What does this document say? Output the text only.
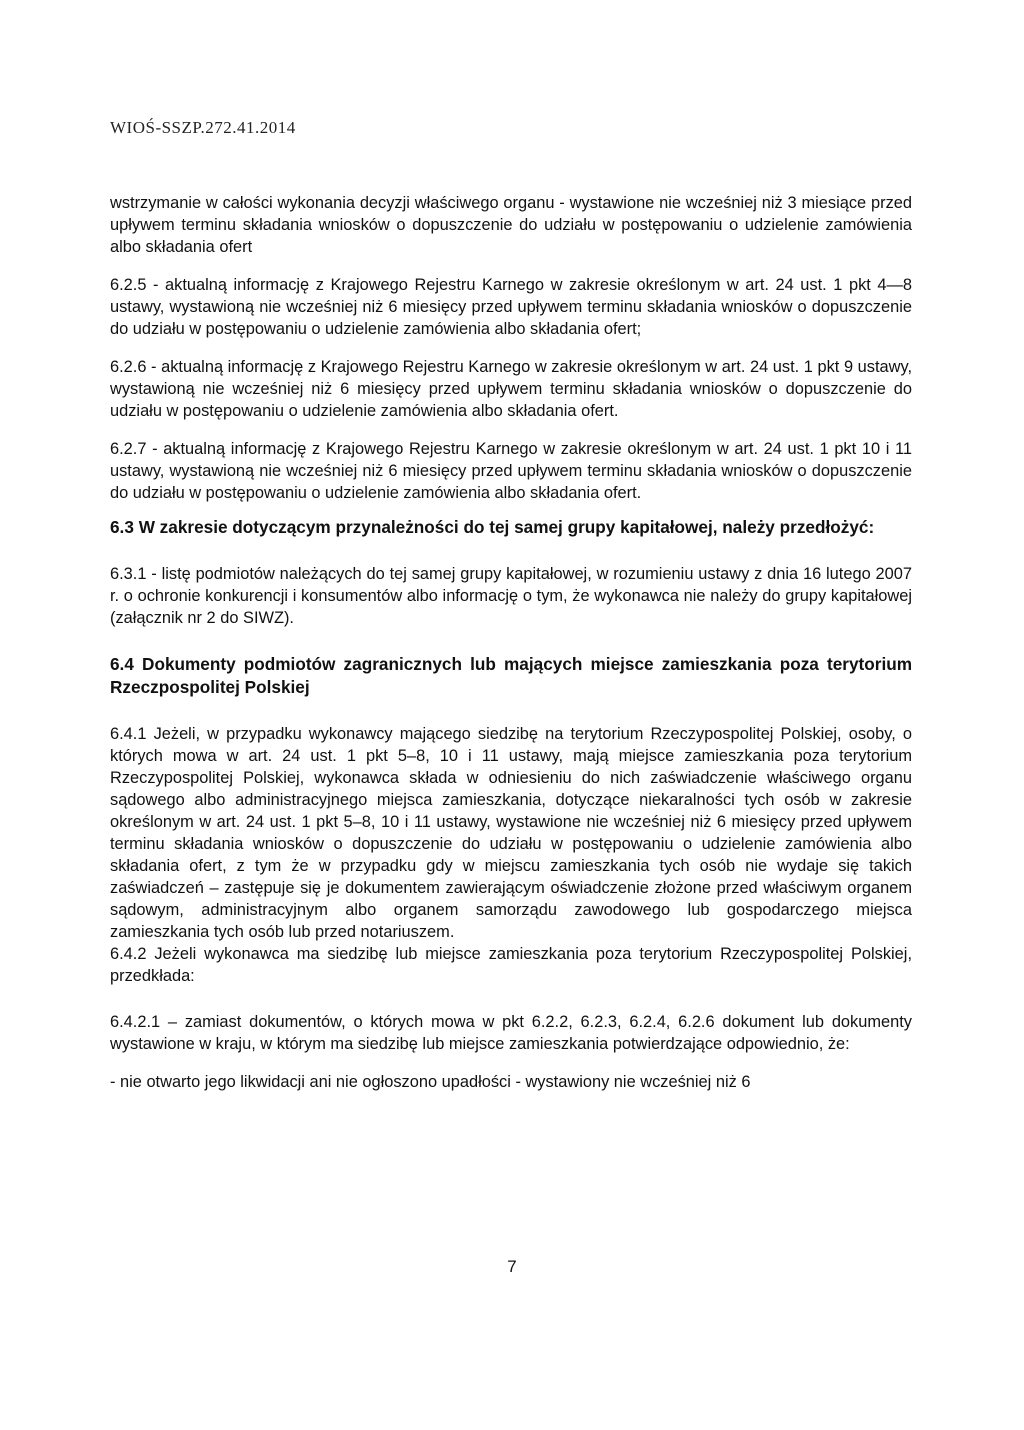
WIOŚ-SSZP.272.41.2014

wstrzymanie w całości wykonania decyzji właściwego organu - wystawione nie wcześniej niż 3 miesiące przed upływem terminu składania wniosków o dopuszczenie do udziału w postępowaniu o udzielenie zamówienia albo składania ofert

6.2.5 - aktualną informację z Krajowego Rejestru Karnego w zakresie określonym w art. 24 ust. 1 pkt 4—8 ustawy, wystawioną nie wcześniej niż 6 miesięcy przed upływem terminu składania wniosków o dopuszczenie do udziału w postępowaniu o udzielenie zamówienia albo składania ofert;

6.2.6 - aktualną informację z Krajowego Rejestru Karnego w zakresie określonym w art. 24 ust. 1 pkt 9 ustawy, wystawioną nie wcześniej niż 6 miesięcy przed upływem terminu składania wniosków o dopuszczenie do udziału w postępowaniu o udzielenie zamówienia albo składania ofert.

6.2.7 - aktualną informację z Krajowego Rejestru Karnego w zakresie określonym w art. 24 ust. 1 pkt 10 i 11 ustawy, wystawioną nie wcześniej niż 6 miesięcy przed upływem terminu składania wniosków o dopuszczenie do udziału w postępowaniu o udzielenie zamówienia albo składania ofert.

6.3 W zakresie dotyczącym przynależności do tej samej grupy kapitałowej, należy przedłożyć:

6.3.1 - listę podmiotów należących do tej samej grupy kapitałowej, w rozumieniu ustawy z dnia 16 lutego 2007 r. o ochronie konkurencji i konsumentów albo informację o tym, że wykonawca nie należy do grupy kapitałowej (załącznik nr 2 do SIWZ).

6.4 Dokumenty podmiotów zagranicznych lub mających miejsce zamieszkania poza terytorium Rzeczpospolitej Polskiej

6.4.1 Jeżeli, w przypadku wykonawcy mającego siedzibę na terytorium Rzeczypospolitej Polskiej, osoby, o których mowa w art. 24 ust. 1 pkt 5–8, 10 i 11 ustawy, mają miejsce zamieszkania poza terytorium Rzeczypospolitej Polskiej, wykonawca składa w odniesieniu do nich zaświadczenie właściwego organu sądowego albo administracyjnego miejsca zamieszkania, dotyczące niekaralności tych osób w zakresie określonym w art. 24 ust. 1 pkt 5–8, 10 i 11 ustawy, wystawione nie wcześniej niż 6 miesięcy przed upływem terminu składania wniosków o dopuszczenie do udziału w postępowaniu o udzielenie zamówienia albo składania ofert, z tym że w przypadku gdy w miejscu zamieszkania tych osób nie wydaje się takich zaświadczeń – zastępuje się je dokumentem zawierającym oświadczenie złożone przed właściwym organem sądowym, administracyjnym albo organem samorządu zawodowego lub gospodarczego miejsca zamieszkania tych osób lub przed notariuszem.

6.4.2 Jeżeli wykonawca ma siedzibę lub miejsce zamieszkania poza terytorium Rzeczypospolitej Polskiej, przedkłada:

6.4.2.1 – zamiast dokumentów, o których mowa w pkt 6.2.2, 6.2.3, 6.2.4, 6.2.6 dokument lub dokumenty wystawione w kraju, w którym ma siedzibę lub miejsce zamieszkania potwierdzające odpowiednio, że:

- nie otwarto jego likwidacji ani nie ogłoszono upadłości - wystawiony nie wcześniej niż 6

7
